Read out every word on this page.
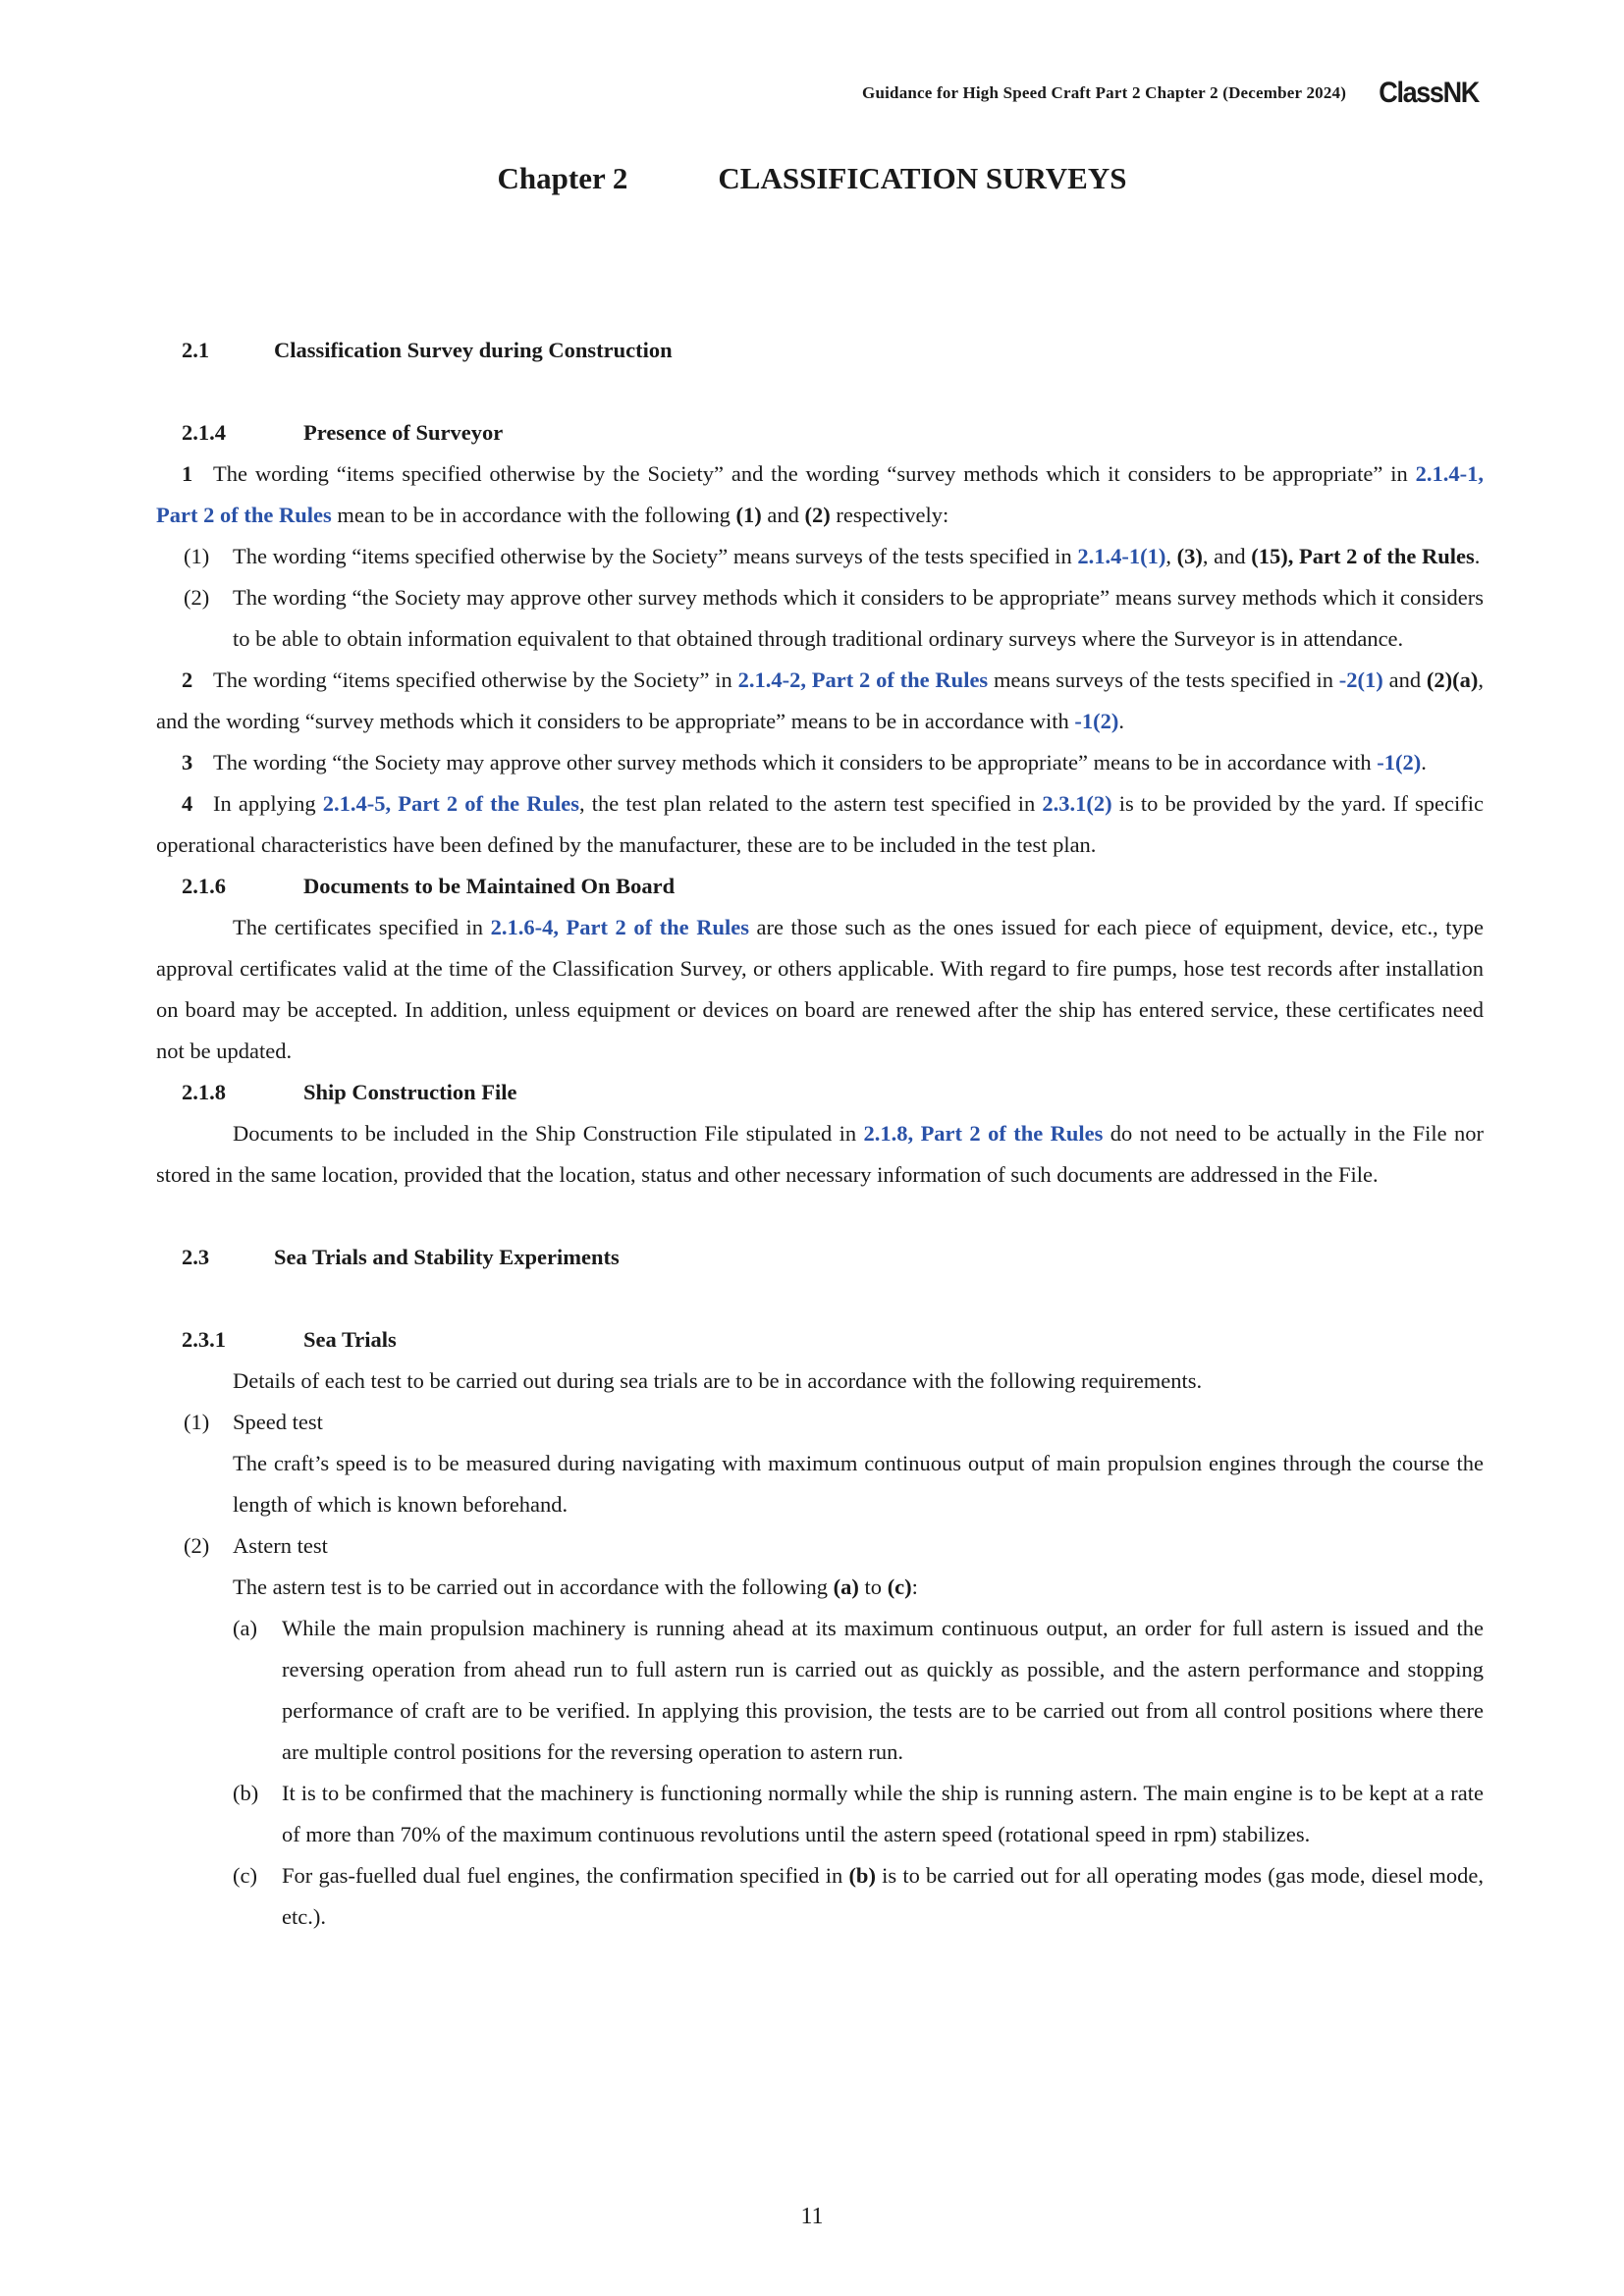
Guidance for High Speed Craft Part 2 Chapter 2 (December 2024) ClassNK
Chapter 2	CLASSIFICATION SURVEYS

2.1	Classification Survey during Construction

2.1.4	Presence of Surveyor

1 The wording “items specified otherwise by the Society” and the wording “survey methods which it considers to be appropriate” in 2.1.4-1, Part 2 of the Rules mean to be in accordance with the following (1) and (2) respectively:

(1) The wording “items specified otherwise by the Society” means surveys of the tests specified in 2.1.4-1(1), (3), and (15), Part 2 of the Rules.

(2) The wording “the Society may approve other survey methods which it considers to be appropriate” means survey methods which it considers to be able to obtain information equivalent to that obtained through traditional ordinary surveys where the Surveyor is in attendance.

2 The wording “items specified otherwise by the Society” in 2.1.4-2, Part 2 of the Rules means surveys of the tests specified in -2(1) and (2)(a), and the wording “survey methods which it considers to be appropriate” means to be in accordance with -1(2).

3 The wording “the Society may approve other survey methods which it considers to be appropriate” means to be in accordance with -1(2).

4 In applying 2.1.4-5, Part 2 of the Rules, the test plan related to the astern test specified in 2.3.1(2) is to be provided by the yard. If specific operational characteristics have been defined by the manufacturer, these are to be included in the test plan.

2.1.6	Documents to be Maintained On Board

The certificates specified in 2.1.6-4, Part 2 of the Rules are those such as the ones issued for each piece of equipment, device, etc., type approval certificates valid at the time of the Classification Survey, or others applicable. With regard to fire pumps, hose test records after installation on board may be accepted. In addition, unless equipment or devices on board are renewed after the ship has entered service, these certificates need not be updated.

2.1.8	Ship Construction File

Documents to be included in the Ship Construction File stipulated in 2.1.8, Part 2 of the Rules do not need to be actually in the File nor stored in the same location, provided that the location, status and other necessary information of such documents are addressed in the File.

2.3	Sea Trials and Stability Experiments

2.3.1	Sea Trials

Details of each test to be carried out during sea trials are to be in accordance with the following requirements.

(1) Speed test

The craft’s speed is to be measured during navigating with maximum continuous output of main propulsion engines through the course the length of which is known beforehand.

(2) Astern test

The astern test is to be carried out in accordance with the following (a) to (c):

(a) While the main propulsion machinery is running ahead at its maximum continuous output, an order for full astern is issued and the reversing operation from ahead run to full astern run is carried out as quickly as possible, and the astern performance and stopping performance of craft are to be verified. In applying this provision, the tests are to be carried out from all control positions where there are multiple control positions for the reversing operation to astern run.

(b) It is to be confirmed that the machinery is functioning normally while the ship is running astern. The main engine is to be kept at a rate of more than 70% of the maximum continuous revolutions until the astern speed (rotational speed in rpm) stabilizes.

(c) For gas-fuelled dual fuel engines, the confirmation specified in (b) is to be carried out for all operating modes (gas mode, diesel mode, etc.).

11
